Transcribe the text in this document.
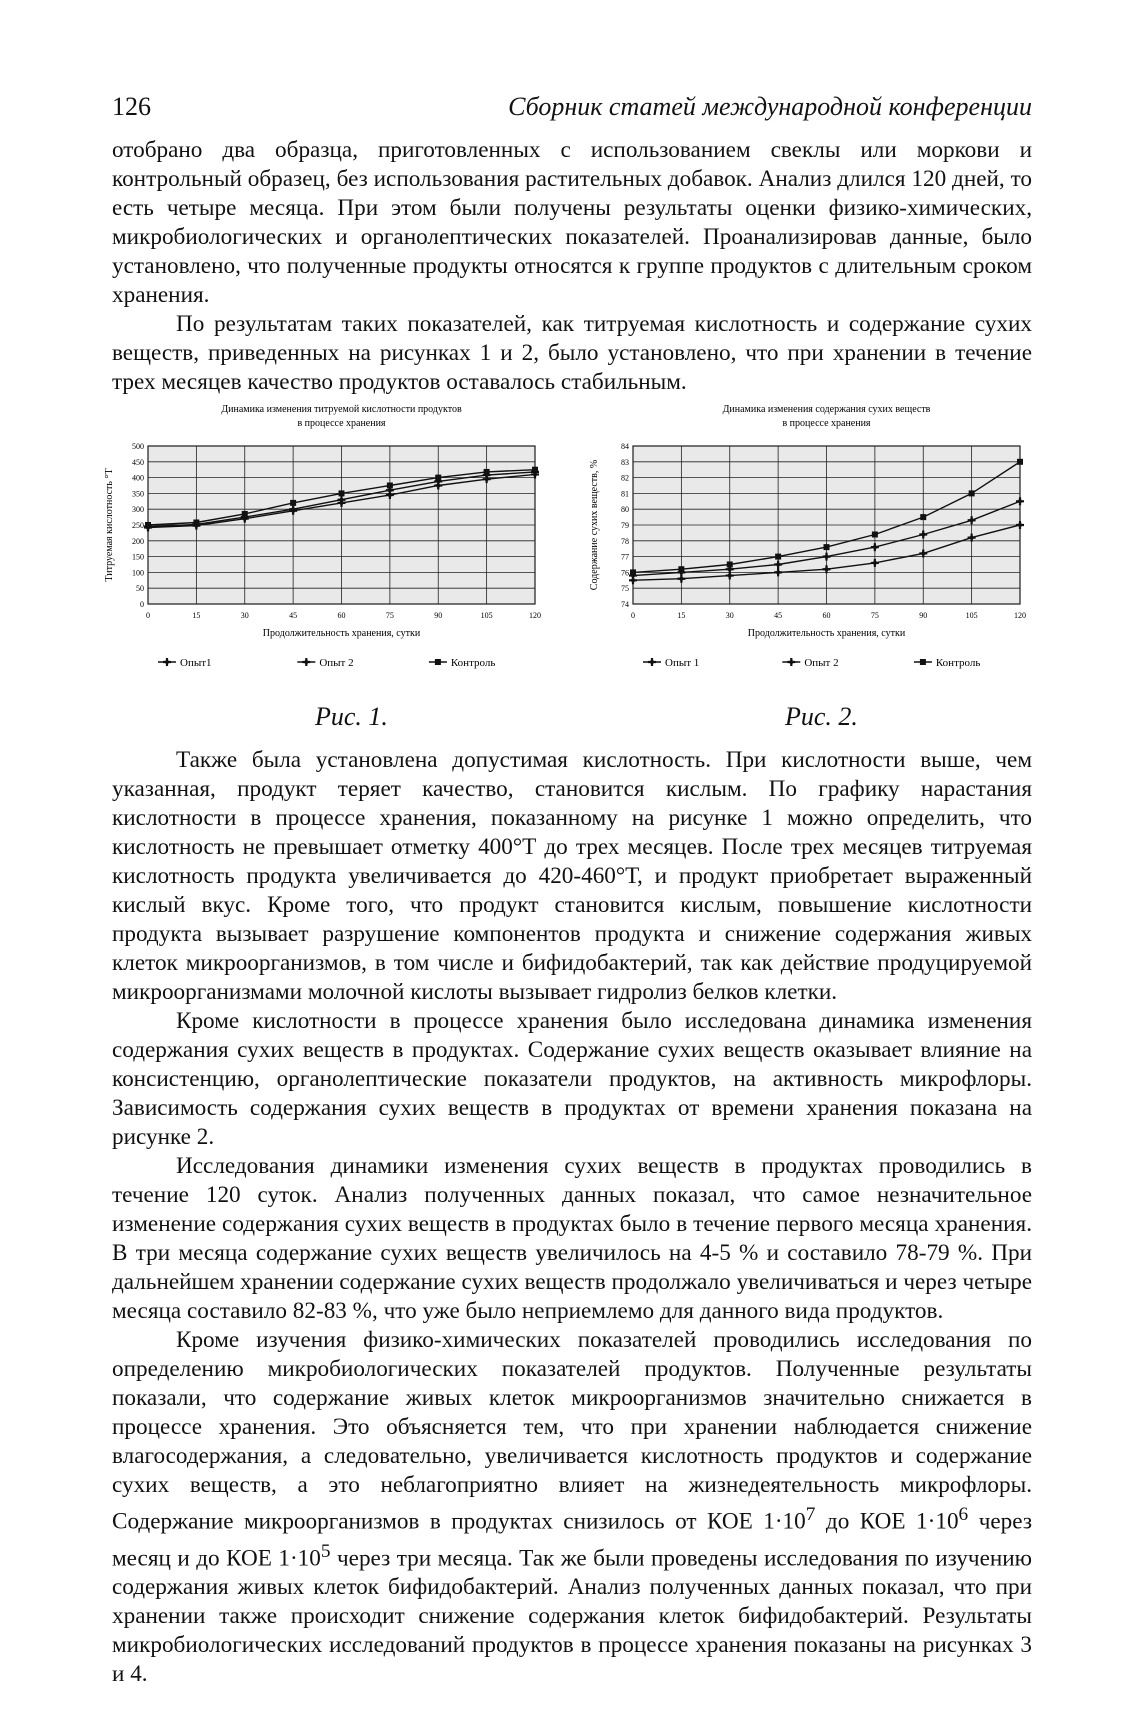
126	Сборник статей международной конференции

отобрано два образца, приготовленных с использованием свеклы или моркови и контрольный образец, без использования растительных добавок. Анализ длился 120 дней, то есть четыре месяца. При этом были получены результаты оценки физико-химических, микробиологических и органолептических показателей. Проанализировав данные, было установлено, что полученные продукты относятся к группе продуктов с длительным сроком хранения.

По результатам таких показателей, как титруемая кислотность и содержание сухих веществ, приведенных на рисунках 1 и 2, было установлено, что при хранении в течение трех месяцев качество продуктов оставалось стабильным.

Динамика изменения титруемой кислотности продуктов
в процессе хранения
0
50
100
150
200
250
300
350
400
450
500
0	15	30	45	60	75	90	105	120
Продолжительность хранения, сутки
Титруемая кислотность °Т
Опыт1	Опыт 2	Контроль
Рис. 1.
Динамика изменения содержания сухих веществ
в процессе хранения
74
75
76
77
78
79
80
81
82
83
84
0	15	30	45	60	75	90	105	120
Продолжительность хранения, сутки
Содержание сухих веществ, %
Опыт 1	Опыт 2	Контроль
Рис. 2.

Также была установлена допустимая кислотность. При кислотности выше, чем указанная, продукт теряет качество, становится кислым. По графику нарастания кислотности в процессе хранения, показанному на рисунке 1 можно определить, что кислотность не превышает отметку 400°Т до трех месяцев. После трех месяцев титруемая кислотность продукта увеличивается до 420-460°Т, и продукт приобретает выраженный кислый вкус. Кроме того, что продукт становится кислым, повышение кислотности продукта вызывает разрушение компонентов продукта и снижение содержания живых клеток микроорганизмов, в том числе и бифидобактерий, так как действие продуцируемой микроорганизмами молочной кислоты вызывает гидролиз белков клетки.

Кроме кислотности в процессе хранения было исследована динамика изменения содержания сухих веществ в продуктах. Содержание сухих веществ оказывает влияние на консистенцию, органолептические показатели продуктов, на активность микрофлоры. Зависимость содержания сухих веществ в продуктах от времени хранения показана на рисунке 2.

Исследования динамики изменения сухих веществ в продуктах проводились в течение 120 суток. Анализ полученных данных показал, что самое незначительное изменение содержания сухих веществ в продуктах было в течение первого месяца хранения. В три месяца содержание сухих веществ увеличилось на 4-5 % и составило 78-79 %. При дальнейшем хранении содержание сухих веществ продолжало увеличиваться и через четыре месяца составило 82-83 %, что уже было неприемлемо для данного вида продуктов.

Кроме изучения физико-химических показателей проводились исследования по определению микробиологических показателей продуктов. Полученные результаты показали, что содержание живых клеток микроорганизмов значительно снижается в процессе хранения. Это объясняется тем, что при хранении наблюдается снижение влагосодержания, а следовательно, увеличивается кислотность продуктов и содержание сухих веществ, а это неблагоприятно влияет на жизнедеятельность микрофлоры. Содержание микроорганизмов в продуктах снизилось от КОЕ $1\cdot 10^7$ до КОЕ $1\cdot 10^6$ через месяц и до КОЕ $1\cdot 10^5$ через три месяца. Так же были проведены исследования по изучению содержания живых клеток бифидобактерий. Анализ полученных данных показал, что при хранении также происходит снижение содержания клеток бифидобактерий. Результаты микробиологических исследований продуктов в процессе хранения показаны на рисунках 3 и 4.
